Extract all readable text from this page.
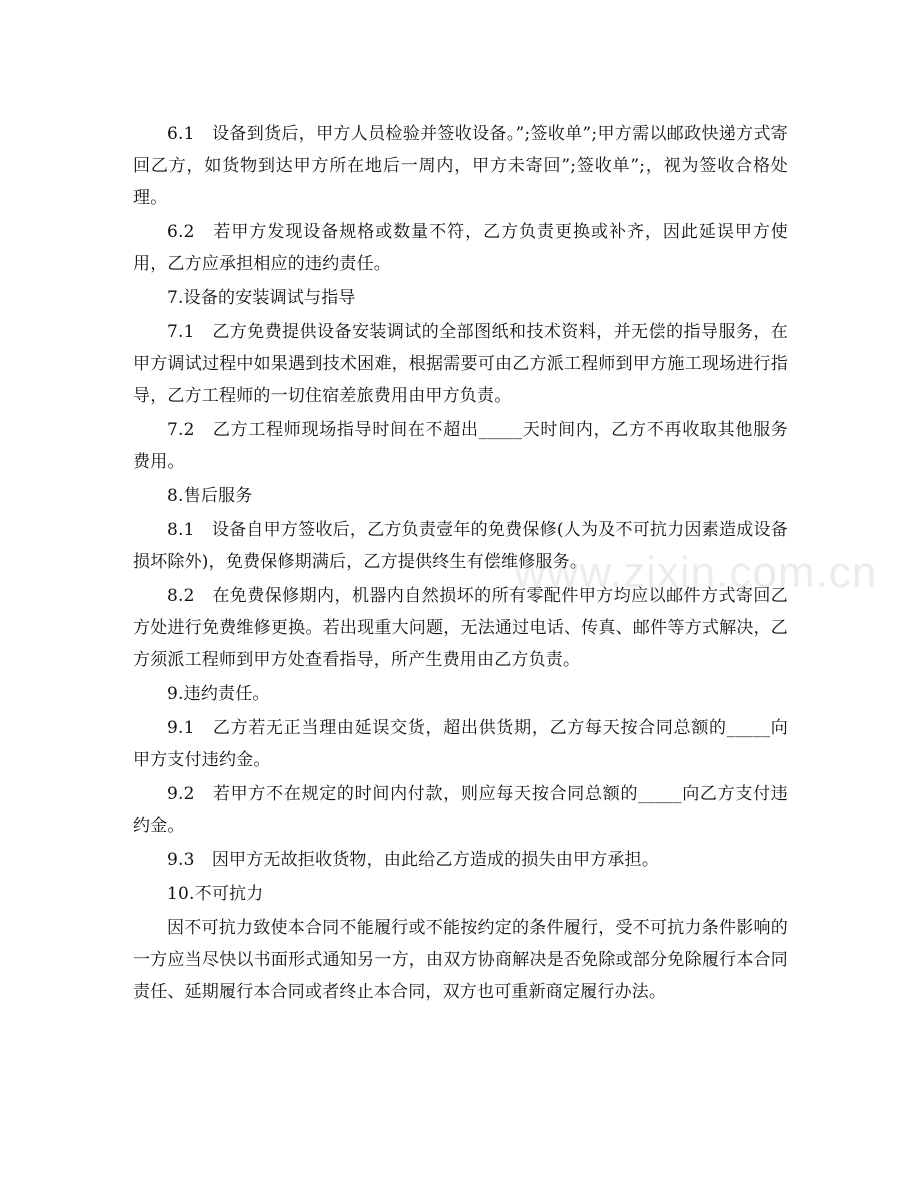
6.1　设备到货后，甲方人员检验并签收设备。”;签收单”;甲方需以邮政快递方式寄回乙方，如货物到达甲方所在地后一周内，甲方未寄回”;签收单”;，视为签收合格处理。

6.2　若甲方发现设备规格或数量不符，乙方负责更换或补齐，因此延误甲方使用，乙方应承担相应的违约责任。

7.设备的安装调试与指导

7.1　乙方免费提供设备安装调试的全部图纸和技术资料，并无偿的指导服务，在甲方调试过程中如果遇到技术困难，根据需要可由乙方派工程师到甲方施工现场进行指导，乙方工程师的一切住宿差旅费用由甲方负责。

7.2　乙方工程师现场指导时间在不超出_____天时间内，乙方不再收取其他服务费用。

8.售后服务

8.1　设备自甲方签收后，乙方负责壹年的免费保修(人为及不可抗力因素造成设备损坏除外)，免费保修期满后，乙方提供终生有偿维修服务。

8.2　在免费保修期内，机器内自然损坏的所有零配件甲方均应以邮件方式寄回乙方处进行免费维修更换。若出现重大问题，无法通过电话、传真、邮件等方式解决，乙方须派工程师到甲方处查看指导，所产生费用由乙方负责。

9.违约责任。

9.1　乙方若无正当理由延误交货，超出供货期，乙方每天按合同总额的_____向甲方支付违约金。

9.2　若甲方不在规定的时间内付款，则应每天按合同总额的_____向乙方支付违约金。

9.3　因甲方无故拒收货物，由此给乙方造成的损失由甲方承担。

10.不可抗力

因不可抗力致使本合同不能履行或不能按约定的条件履行，受不可抗力条件影响的一方应当尽快以书面形式通知另一方，由双方协商解决是否免除或部分免除履行本合同责任、延期履行本合同或者终止本合同，双方也可重新商定履行办法。

www.zixin.com.cn
